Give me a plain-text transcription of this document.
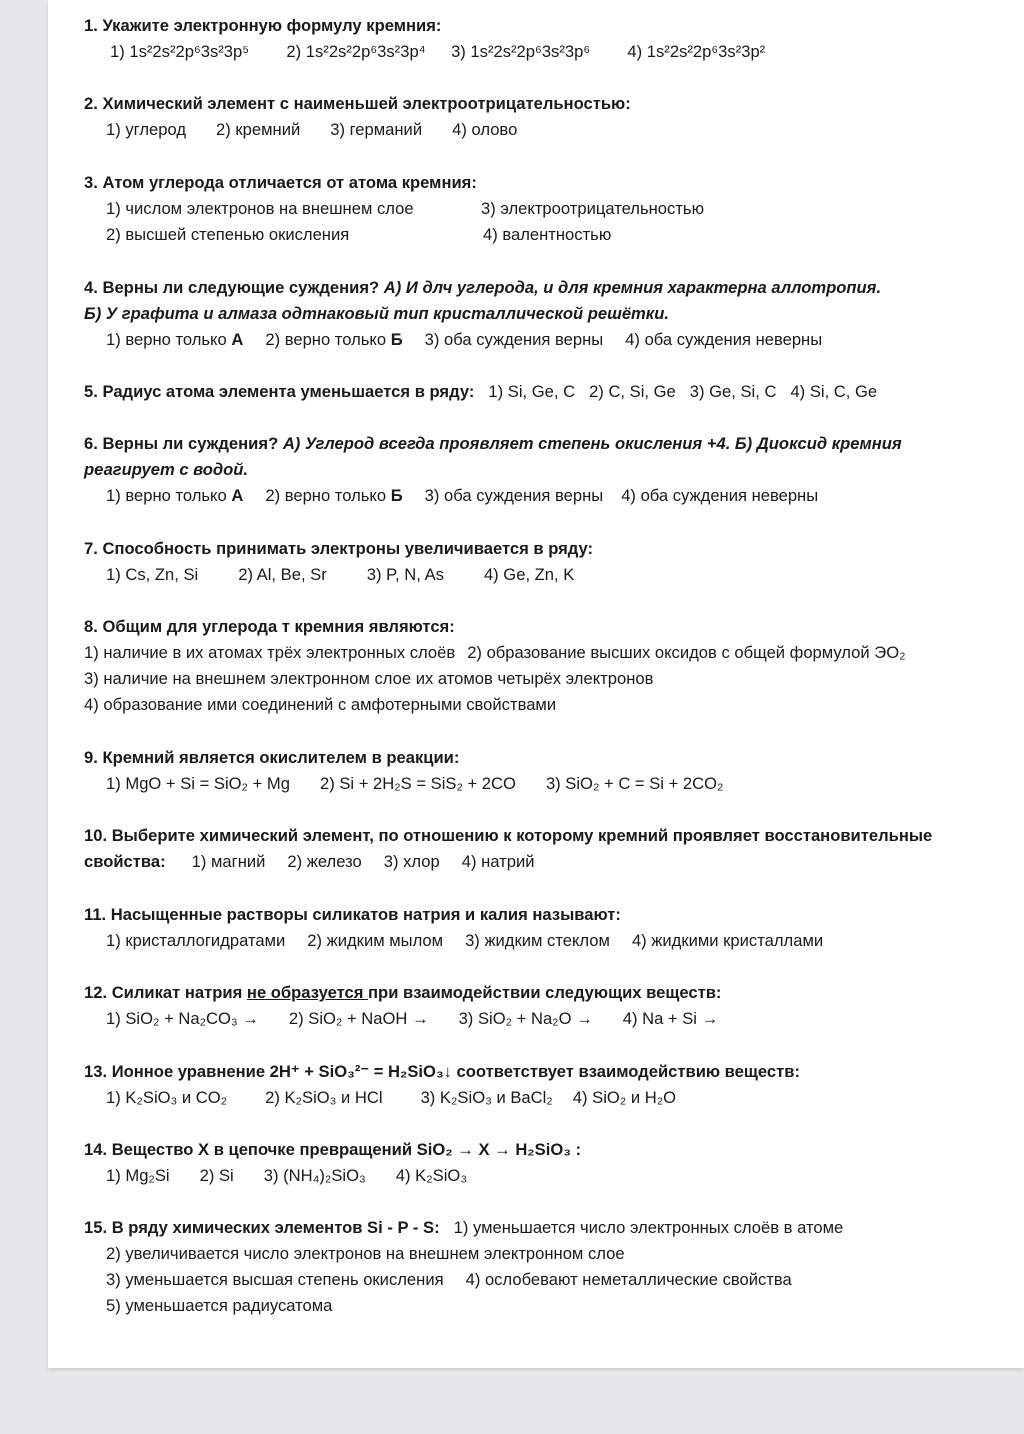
1. Укажите электронную формулу кремния:
1) 1s²2s²2p⁶3s²3p⁵ 2) 1s²2s²2p⁶3s²3p⁴ 3) 1s²2s²2p⁶3s²3p⁶ 4) 1s²2s²2p⁶3s²3p²
2. Химический элемент с наименьшей электроотрицательностью:
1) углерод 2) кремний 3) германий 4) олово
3. Атом углерода отличается от атома кремния:
1) числом электронов на внешнем слое	3) электроотрицательностью
2) высшей степенью окисления	4) валентностью
4. Верны ли следующие суждения? А) И длч углерода, и для кремния характерна аллотропия.
Б) У графита и алмаза одтнаковый тип кристаллической решётки.
1) верно только А 2) верно только Б 3) оба суждения верны 4) оба суждения неверны
5. Радиус атома элемента уменьшается в ряду: 1) Si, Ge, C 2) C, Si, Ge 3) Ge, Si, C 4) Si, C, Ge
6. Верны ли суждения? А) Углерод всегда проявляет степень окисления +4. Б) Диоксид кремния
реагирует с водой.
1) верно только А 2) верно только Б 3) оба суждения верны 4) оба суждения неверны
7. Способность принимать электроны увеличивается в ряду:
1) Cs, Zn, Si 2) Al, Be, Sr 3) P, N, As 4) Ge, Zn, K
8. Общим для углерода т кремния являются:
1) наличие в их атомах трёх электронных слоёв 2) образование высших оксидов с общей формулой ЭО₂
3) наличие на внешнем электронном слое их атомов четырёх электронов
4) образование ими соединений с амфотерными свойствами
9. Кремний является окислителем в реакции:
1) MgO + Si = SiO₂ + Mg 2) Si + 2H₂S = SiS₂ + 2CO 3) SiO₂ + C = Si + 2CO₂
10. Выберите химический элемент, по отношению к которому кремний проявляет восстановительные
свойства: 1) магний 2) железо 3) хлор 4) натрий
11. Насыщенные растворы силикатов натрия и калия называют:
1) кристаллогидратами 2) жидким мылом 3) жидким стеклом 4) жидкими кристаллами
12. Силикат натрия не образуется при взаимодействии следующих веществ:
1) SiO₂ + Na₂CO₃ → 2) SiO₂ + NaOH → 3) SiO₂ + Na₂O → 4) Na + Si →
13. Ионное уравнение 2H⁺ + SiO₃²⁻ = H₂SiO₃↓ соответствует взаимодействию веществ:
1) K₂SiO₃ и CO₂ 2) K₂SiO₃ и HCl 3) K₂SiO₃ и BaCl₂ 4) SiO₂ и H₂O
14. Вещество X в цепочке превращений SiO₂ → X → H₂SiO₃ :
1) Mg₂Si 2) Si 3) (NH₄)₂SiO₃ 4) K₂SiO₃
15. В ряду химических элементов Si - P - S: 1) уменьшается число электронных слоёв в атоме
2) увеличивается число электронов на внешнем электронном слое
3) уменьшается высшая степень окисления 4) ослобевают неметаллические свойства
5) уменьшается радиусатома
